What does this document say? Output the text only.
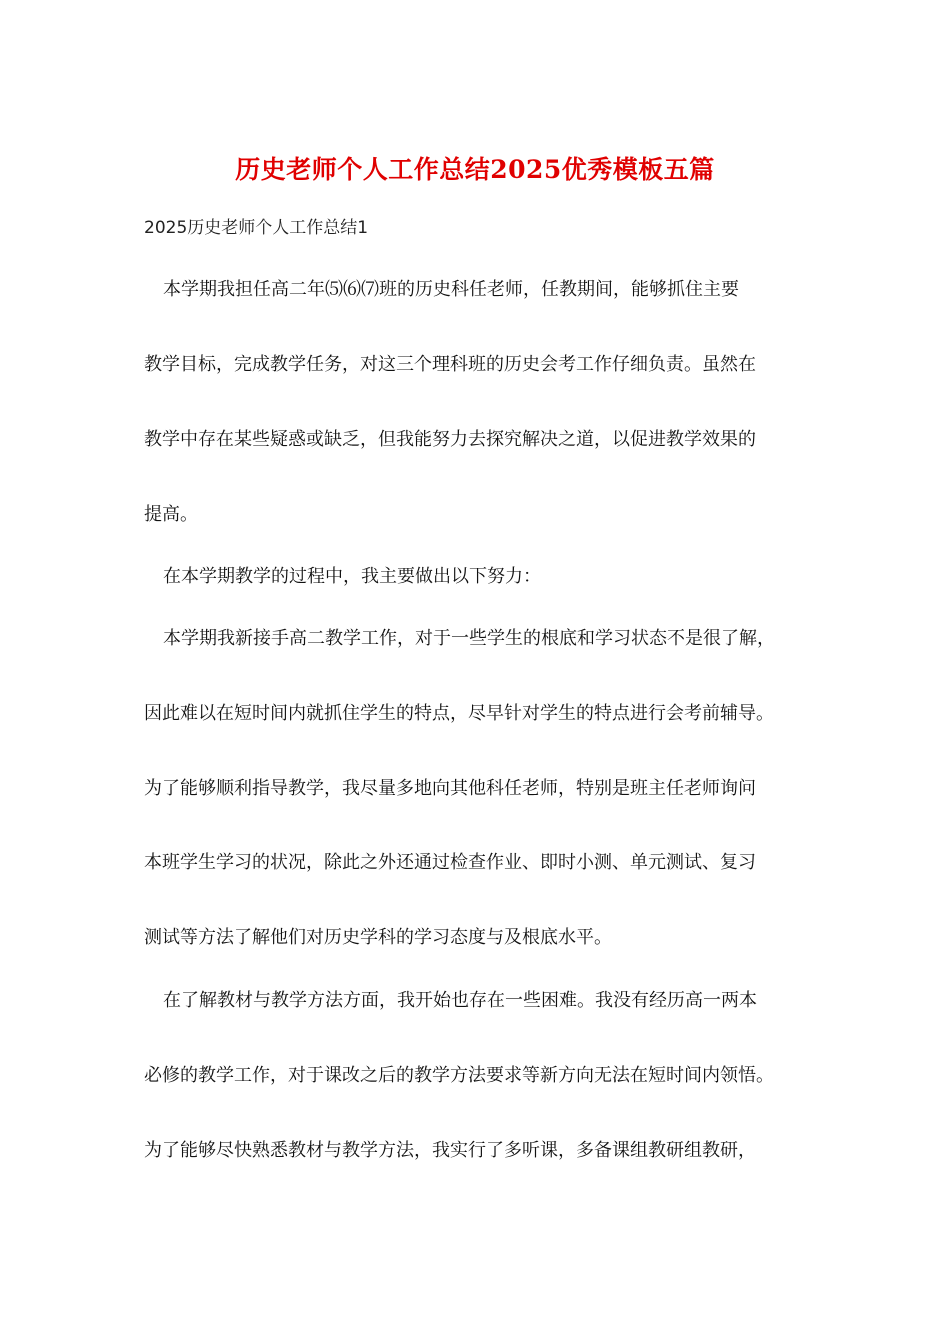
历史老师个人工作总结2025优秀模板五篇
2025历史老师个人工作总结1
本学期我担任高二年⑸⑹⑺班的历史科任老师，任教期间，能够抓住主要
教学目标，完成教学任务，对这三个理科班的历史会考工作仔细负责。虽然在
教学中存在某些疑惑或缺乏，但我能努力去探究解决之道，以促进教学效果的
提高。
在本学期教学的过程中，我主要做出以下努力：
本学期我新接手高二教学工作，对于一些学生的根底和学习状态不是很了解，
因此难以在短时间内就抓住学生的特点，尽早针对学生的特点进行会考前辅导。
为了能够顺利指导教学，我尽量多地向其他科任老师，特别是班主任老师询问
本班学生学习的状况，除此之外还通过检查作业、即时小测、单元测试、复习
测试等方法了解他们对历史学科的学习态度与及根底水平。
在了解教材与教学方法方面，我开始也存在一些困难。我没有经历高一两本
必修的教学工作，对于课改之后的教学方法要求等新方向无法在短时间内领悟。
为了能够尽快熟悉教材与教学方法，我实行了多听课，多备课组教研组教研，
